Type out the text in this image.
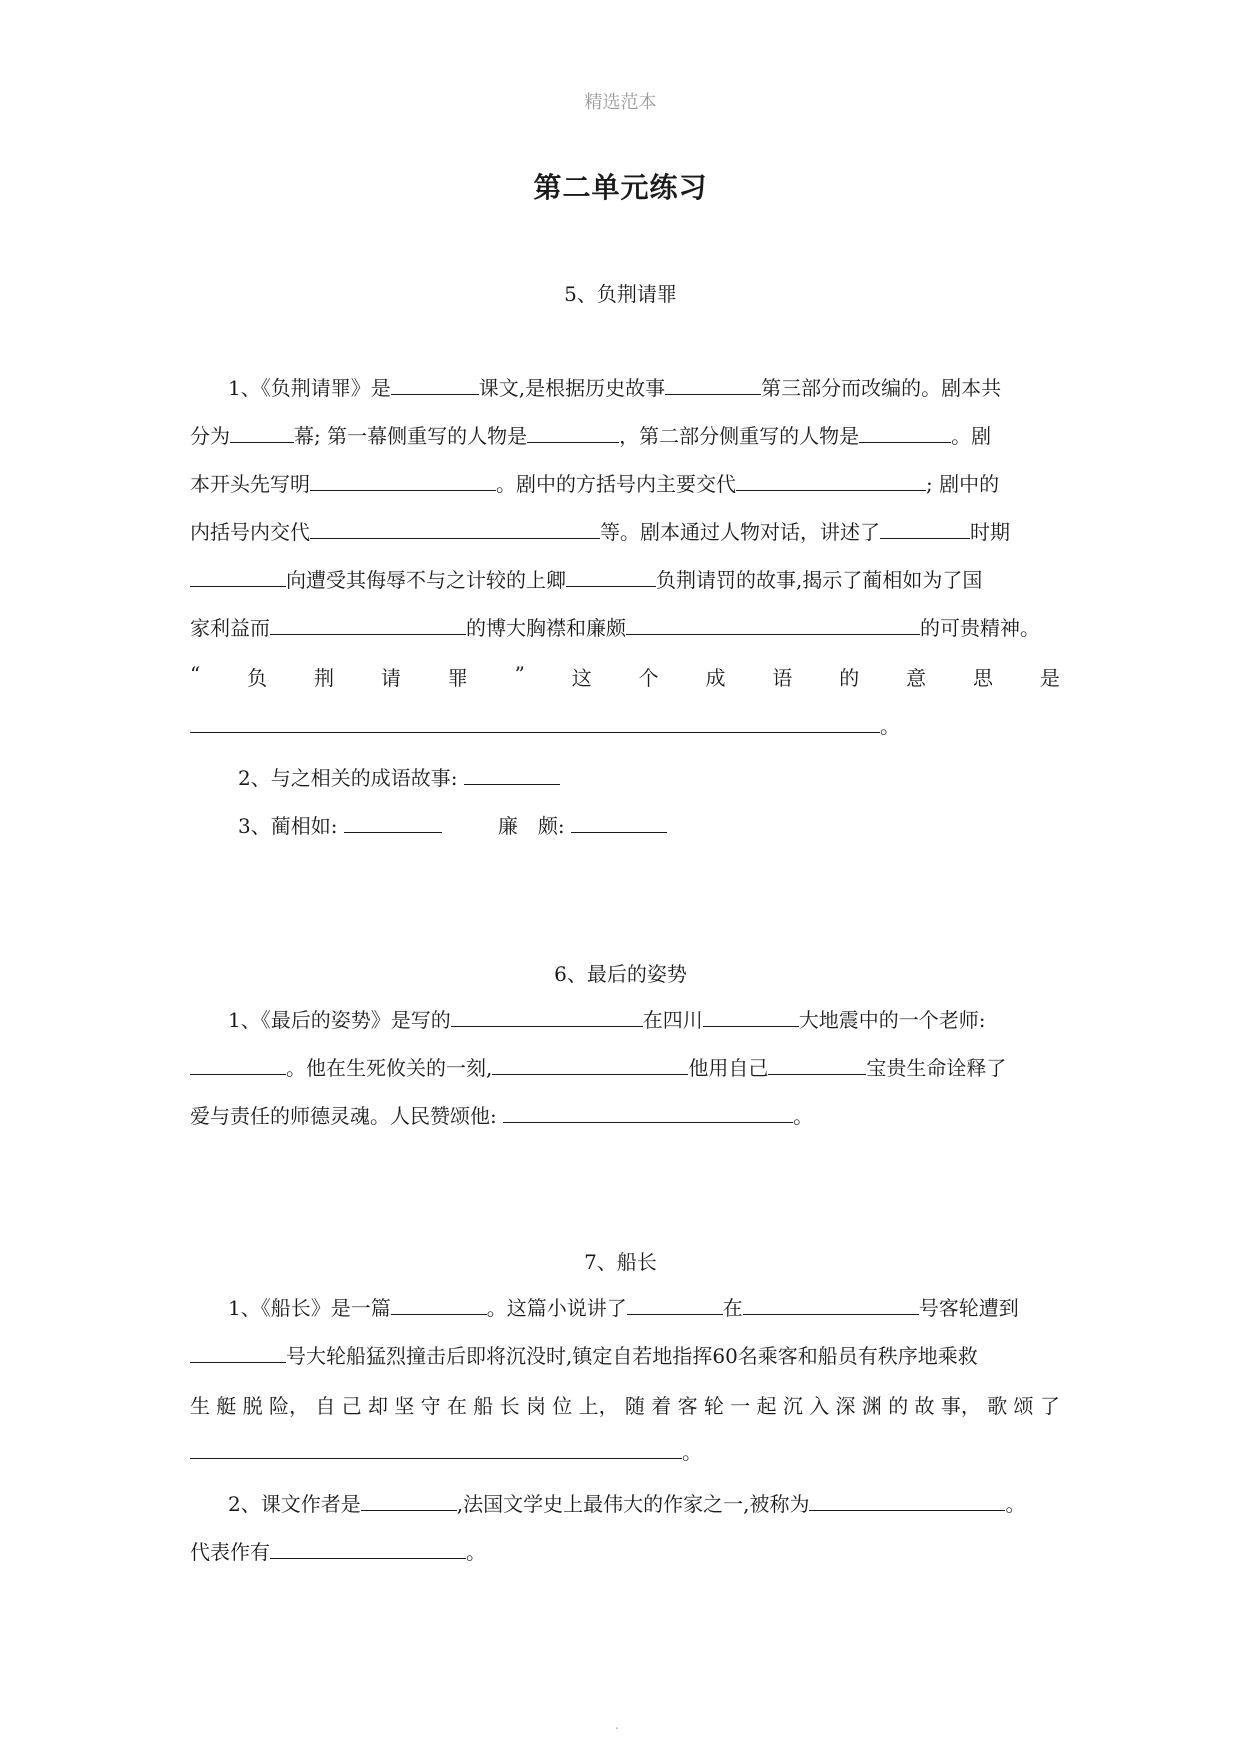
精选范本
第二单元练习
5、负荆请罪
1、《负荆请罪》是	课文,是根据历史故事	第三部分而改编的。剧本共
分为	幕; 第一幕侧重写的人物是	，第二部分侧重写的人物是	。剧
本开头先写明	。剧中的方括号内主要交代	; 剧中的
内括号内交代	等。剧本通过人物对话，讲述了	时期
向遭受其侮辱不与之计较的上卿	负荆请罚的故事,揭示了蔺相如为了国
家利益而	的博大胸襟和廉颇	的可贵精神。
“ 负 荆 请 罪 ” 这 个 成 语 的 意 思 是
。
2、与之相关的成语故事:
3、蔺相如:	廉　颇:
6、最后的姿势
1、《最后的姿势》是写的	在四川	大地震中的一个老师:
。他在生死攸关的一刻,	他用自己	宝贵生命诠释了
爱与责任的师德灵魂。人民赞颂他:	。
7、船长
1、《船长》是一篇	。这篇小说讲了	在	号客轮遭到
号大轮船猛烈撞击后即将沉没时,镇定自若地指挥60名乘客和船员有秩序地乘救
生 艇 脱 险， 自 己 却 坚 守 在 船 长 岗 位 上， 随 着 客 轮 一 起 沉 入 深 渊 的 故 事， 歌 颂 了
。
2、课文作者是	,法国文学史上最伟大的作家之一,被称为	。
代表作有	。
.
